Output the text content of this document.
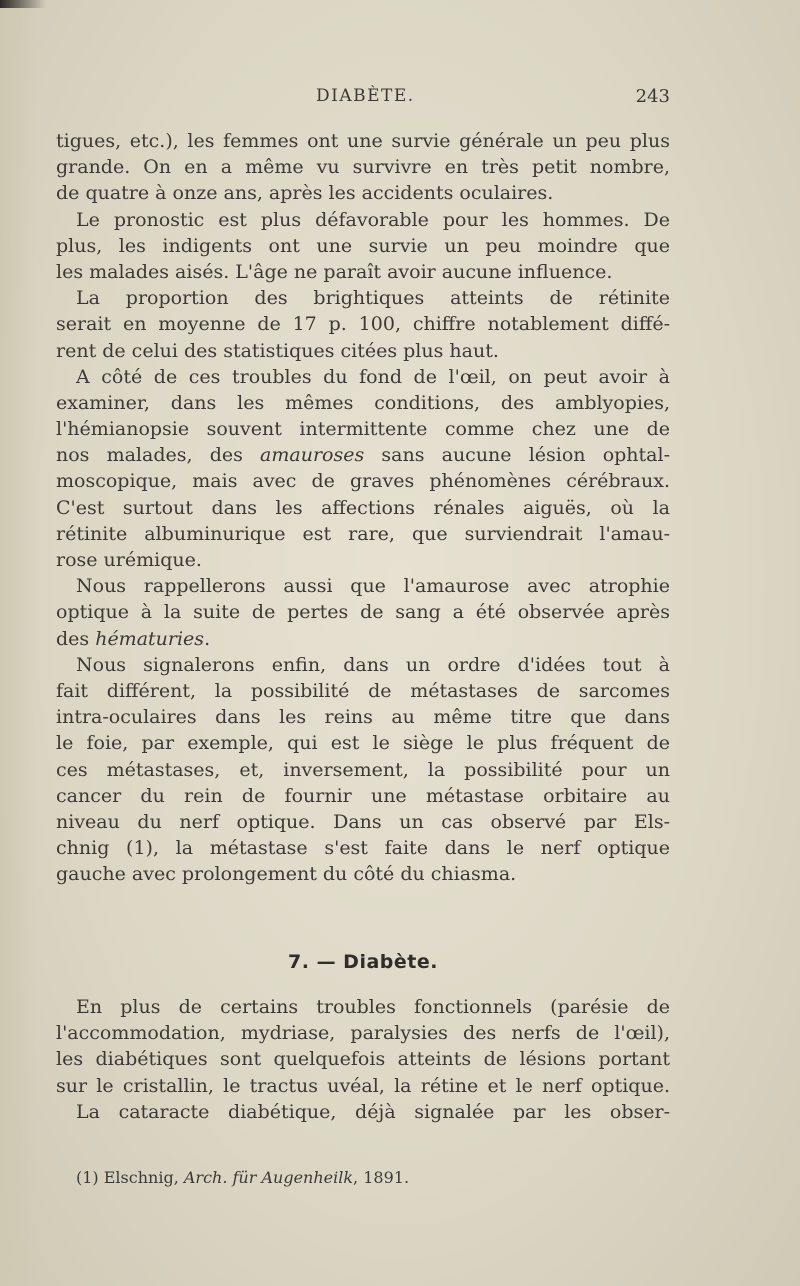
DIABÈTE.	243
tigues, etc.), les femmes ont une survie générale un peu plus
grande. On en a même vu survivre en très petit nombre,
de quatre à onze ans, après les accidents oculaires.
Le pronostic est plus défavorable pour les hommes. De
plus, les indigents ont une survie un peu moindre que
les malades aisés. L'âge ne paraît avoir aucune influence.
La proportion des brightiques atteints de rétinite
serait en moyenne de 17 p. 100, chiffre notablement diffé-
rent de celui des statistiques citées plus haut.
A côté de ces troubles du fond de l'œil, on peut avoir à
examiner, dans les mêmes conditions, des amblyopies,
l'hémianopsie souvent intermittente comme chez une de
nos malades, des amauroses sans aucune lésion ophtal-
moscopique, mais avec de graves phénomènes cérébraux.
C'est surtout dans les affections rénales aiguës, où la
rétinite albuminurique est rare, que surviendrait l'amau-
rose urémique.
Nous rappellerons aussi que l'amaurose avec atrophie
optique à la suite de pertes de sang a été observée après
des hématuries.
Nous signalerons enfin, dans un ordre d'idées tout à
fait différent, la possibilité de métastases de sarcomes
intra-oculaires dans les reins au même titre que dans
le foie, par exemple, qui est le siège le plus fréquent de
ces métastases, et, inversement, la possibilité pour un
cancer du rein de fournir une métastase orbitaire au
niveau du nerf optique. Dans un cas observé par Els-
chnig (1), la métastase s'est faite dans le nerf optique
gauche avec prolongement du côté du chiasma.
7. — Diabète.
En plus de certains troubles fonctionnels (parésie de
l'accommodation, mydriase, paralysies des nerfs de l'œil),
les diabétiques sont quelquefois atteints de lésions portant
sur le cristallin, le tractus uvéal, la rétine et le nerf optique.
La cataracte diabétique, déjà signalée par les obser-
(1) Elschnig, Arch. für Augenheilk, 1891.
